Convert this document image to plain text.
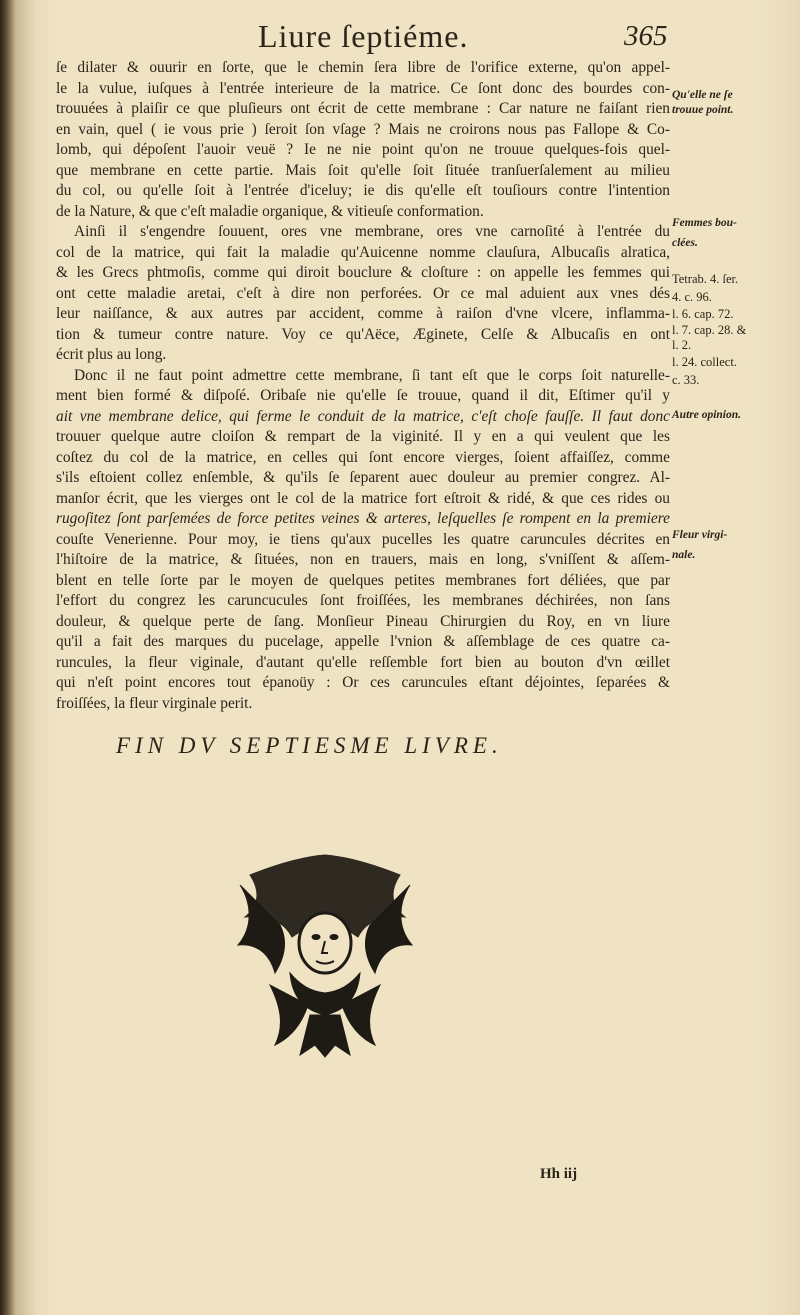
Liure ſeptiéme.	365
ſe dilater & ouurir en ſorte, que le chemin ſera libre de l'orifice externe, qu'on appel-
le la vulue, iuſques à l'entrée interieure de la matrice. Ce ſont donc des bourdes con-
trouuées à plaiſir ce que pluſieurs ont écrit de cette membrane : Car nature ne faiſant rien
en vain, quel ( ie vous prie ) ſeroit ſon vſage ? Mais ne croirons nous pas Fallope & Co-
lomb, qui dépoſent l'auoir veuë ? Ie ne nie point qu'on ne trouue quelques-fois quel-
que membrane en cette partie. Mais ſoit qu'elle ſoit ſituée tranſuerſalement au milieu
du col, ou qu'elle ſoit à l'entrée d'iceluy; ie dis qu'elle eſt touſiours contre l'intention
de la Nature, & que c'eſt maladie organique, & vitieuſe conformation.
Ainſi il s'engendre ſouuent, ores vne membrane, ores vne carnoſité à l'entrée du
col de la matrice, qui fait la maladie qu'Auicenne nomme clauſura, Albucaſis alratica,
& les Grecs phtmoſis, comme qui diroit bouclure & cloſture : on appelle les femmes qui
ont cette maladie aretai, c'eſt à dire non perforées. Or ce mal aduient aux vnes dés
leur naiſſance, & aux autres par accident, comme à raiſon d'vne vlcere, inflamma-
tion & tumeur contre nature. Voy ce qu'Aëce, Æginete, Celſe & Albucaſis en ont
écrit plus au long.
Donc il ne faut point admettre cette membrane, ſi tant eſt que le corps ſoit naturelle-
ment bien formé & diſpoſé. Oribaſe nie qu'elle ſe trouue, quand il dit, Eſtimer qu'il y
ait vne membrane delice, qui ferme le conduit de la matrice, c'eſt choſe fauſſe. Il faut donc
trouuer quelque autre cloiſon & rempart de la viginité. Il y en a qui veulent que les
coſtez du col de la matrice, en celles qui ſont encore vierges, ſoient affaiſſez, comme
s'ils eſtoient collez enſemble, & qu'ils ſe ſeparent auec douleur au premier congrez. Al-
manſor écrit, que les vierges ont le col de la matrice fort eſtroit & ridé, & que ces rides ou
rugoſitez ſont parſemées de force petites veines & arteres, leſquelles ſe rompent en la premiere
couſte Venerienne. Pour moy, ie tiens qu'aux pucelles les quatre caruncules décrites en
l'hiſtoire de la matrice, & ſituées, non en trauers, mais en long, s'vniſſent & aſſem-
blent en telle ſorte par le moyen de quelques petites membranes fort déliées, que par
l'effort du congrez les caruncucules ſont froiſſées, les membranes déchirées, non ſans
douleur, & quelque perte de ſang. Monſieur Pineau Chirurgien du Roy, en vn liure
qu'il a fait des marques du pucelage, appelle l'vnion & aſſemblage de ces quatre ca-
runcules, la fleur viginale, d'autant qu'elle reſſemble fort bien au bouton d'vn œillet
qui n'eſt point encores tout épanoüy : Or ces caruncules eſtant déjointes, ſeparées &
froiſſées, la fleur virginale perit.
Qu'elle ne ſe
trouue point.
Femmes bou-
clées.
Tetrab. 4. ſer.
4. c. 96.
l. 6. cap. 72.
l. 7. cap. 28. &
l. 2.
l. 24. collect.
c. 33.
Autre opinion.
Fleur virgi-
nale.
FIN DV SEPTIESME LIVRE.
Hh iij
